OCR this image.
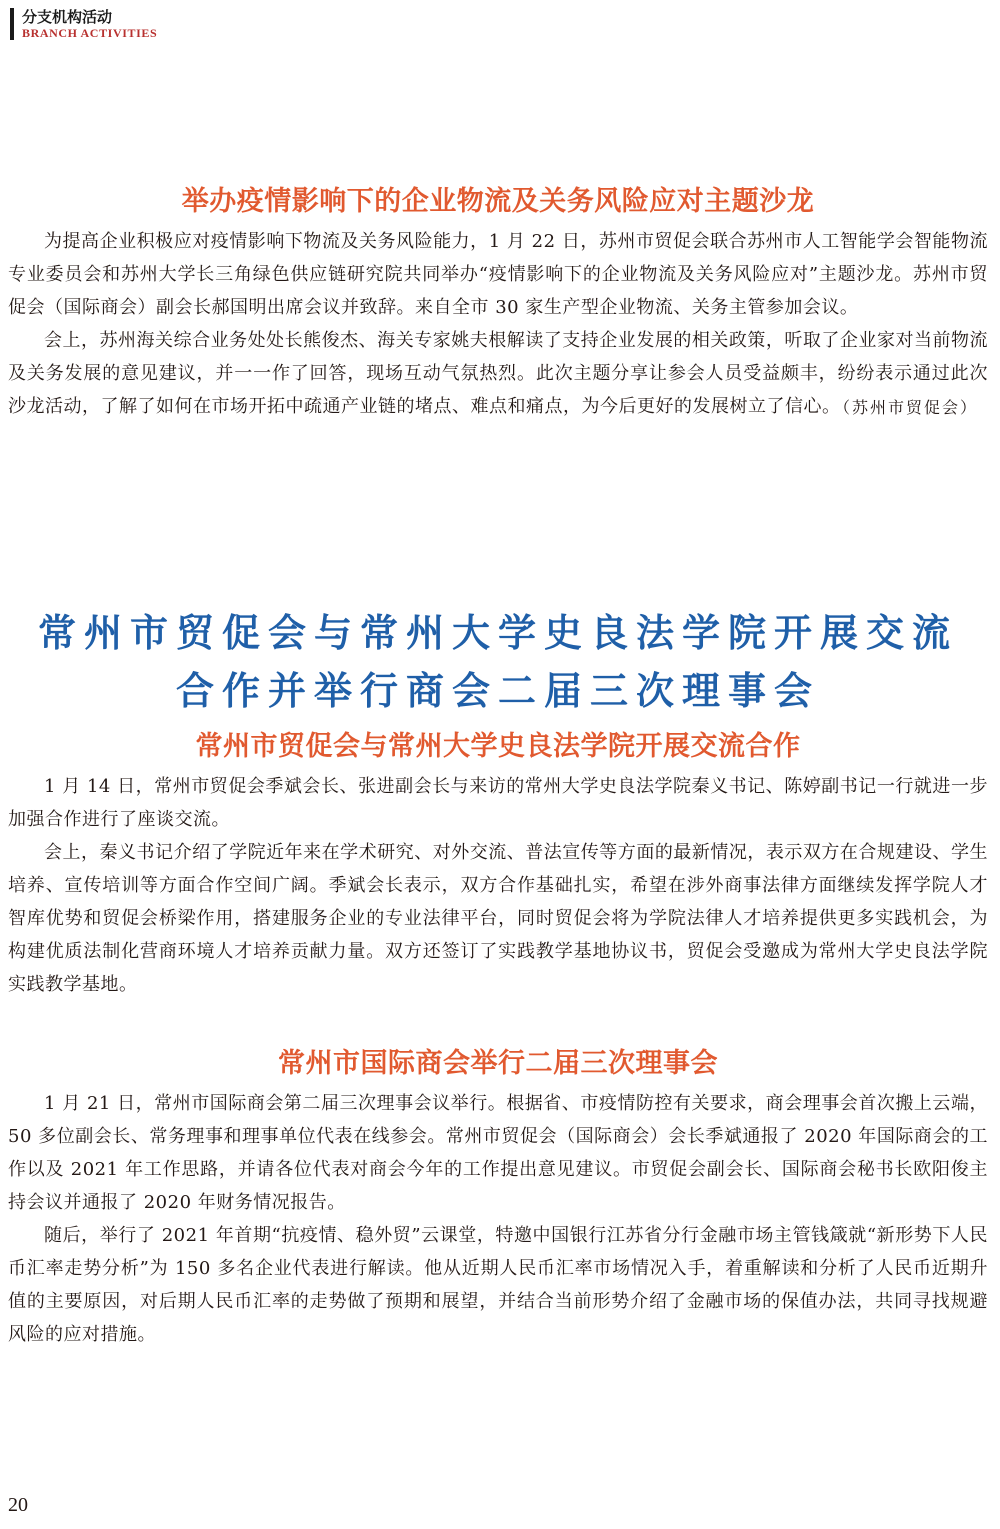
分支机构活动
BRANCH ACTIVITIES
举办疫情影响下的企业物流及关务风险应对主题沙龙

为提高企业积极应对疫情影响下物流及关务风险能力，1 月 22 日，苏州市贸促会联合苏州市人工智能学会智能物流专业委员会和苏州大学长三角绿色供应链研究院共同举办“疫情影响下的企业物流及关务风险应对”主题沙龙。苏州市贸促会（国际商会）副会长郝国明出席会议并致辞。来自全市 30 家生产型企业物流、关务主管参加会议。

会上，苏州海关综合业务处处长熊俊杰、海关专家姚夫根解读了支持企业发展的相关政策，听取了企业家对当前物流及关务发展的意见建议，并一一作了回答，现场互动气氛热烈。此次主题分享让参会人员受益颇丰，纷纷表示通过此次沙龙活动，了解了如何在市场开拓中疏通产业链的堵点、难点和痛点，为今后更好的发展树立了信心。

（苏州市贸促会）
常州市贸促会与常州大学史良法学院开展交流
合作并举行商会二届三次理事会
常州市贸促会与常州大学史良法学院开展交流合作

1 月 14 日，常州市贸促会季斌会长、张进副会长与来访的常州大学史良法学院秦义书记、陈婷副书记一行就进一步加强合作进行了座谈交流。

会上，秦义书记介绍了学院近年来在学术研究、对外交流、普法宣传等方面的最新情况，表示双方在合规建设、学生培养、宣传培训等方面合作空间广阔。季斌会长表示，双方合作基础扎实，希望在涉外商事法律方面继续发挥学院人才智库优势和贸促会桥梁作用，搭建服务企业的专业法律平台，同时贸促会将为学院法律人才培养提供更多实践机会，为构建优质法制化营商环境人才培养贡献力量。双方还签订了实践教学基地协议书，贸促会受邀成为常州大学史良法学院实践教学基地。

常州市国际商会举行二届三次理事会

1 月 21 日，常州市国际商会第二届三次理事会议举行。根据省、市疫情防控有关要求，商会理事会首次搬上云端，50 多位副会长、常务理事和理事单位代表在线参会。常州市贸促会（国际商会）会长季斌通报了 2020 年国际商会的工作以及 2021 年工作思路，并请各位代表对商会今年的工作提出意见建议。市贸促会副会长、国际商会秘书长欧阳俊主持会议并通报了 2020 年财务情况报告。

随后，举行了 2021 年首期“抗疫情、稳外贸”云课堂，特邀中国银行江苏省分行金融市场主管钱箴就“新形势下人民币汇率走势分析”为 150 多名企业代表进行解读。他从近期人民币汇率市场情况入手，着重解读和分析了人民币近期升值的主要原因，对后期人民币汇率的走势做了预期和展望，并结合当前形势介绍了金融市场的保值办法，共同寻找规避风险的应对措施。

20
